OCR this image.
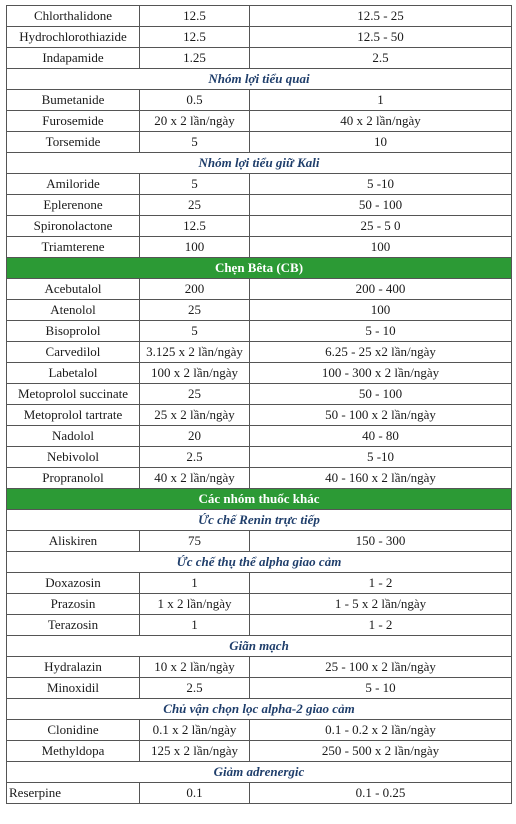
Chlorthalidone	12.5	12.5 - 25
Hydrochlorothiazide	12.5	12.5 - 50
Indapamide	1.25	2.5
Nhóm lợi tiểu quai		
Bumetanide	0.5	1
Furosemide	20 x 2 lần/ngày	40 x 2 lần/ngày
Torsemide	5	10
Nhóm lợi tiểu giữ Kali		
Amiloride	5	5 -10
Eplerenone	25	50 - 100
Spironolactone	12.5	25 - 5 0
Triamterene	100	100
Chẹn Bêta (CB)		
Acebutalol	200	200 - 400
Atenolol	25	100
Bisoprolol	5	5 - 10
Carvedilol	3.125 x 2 lần/ngày	6.25 - 25 x2 lần/ngày
Labetalol	100 x 2 lần/ngày	100 - 300 x 2 lần/ngày
Metoprolol succinate	25	50 - 100
Metoprolol tartrate	25 x 2 lần/ngày	50 - 100 x 2 lần/ngày
Nadolol	20	40 - 80
Nebivolol	2.5	5 -10
Propranolol	40 x 2 lần/ngày	40 - 160 x 2 lần/ngày
Các nhóm thuốc khác		
Ức chế Renin trực tiếp		
Aliskiren	75	150 - 300
Ức chế thụ thể alpha giao cảm		
Doxazosin	1	1 - 2
Prazosin	1 x 2 lần/ngày	1 - 5 x 2 lần/ngày
Terazosin	1	1 - 2
Giãn mạch		
Hydralazin	10 x 2 lần/ngày	25 - 100 x 2 lần/ngày
Minoxidil	2.5	5 - 10
Chủ vận chọn lọc alpha-2 giao cảm		
Clonidine	0.1 x 2 lần/ngày	0.1 - 0.2 x 2 lần/ngày
Methyldopa	125 x 2 lần/ngày	250 - 500 x 2 lần/ngày
Giảm adrenergic		
Reserpine	0.1	0.1 - 0.25
